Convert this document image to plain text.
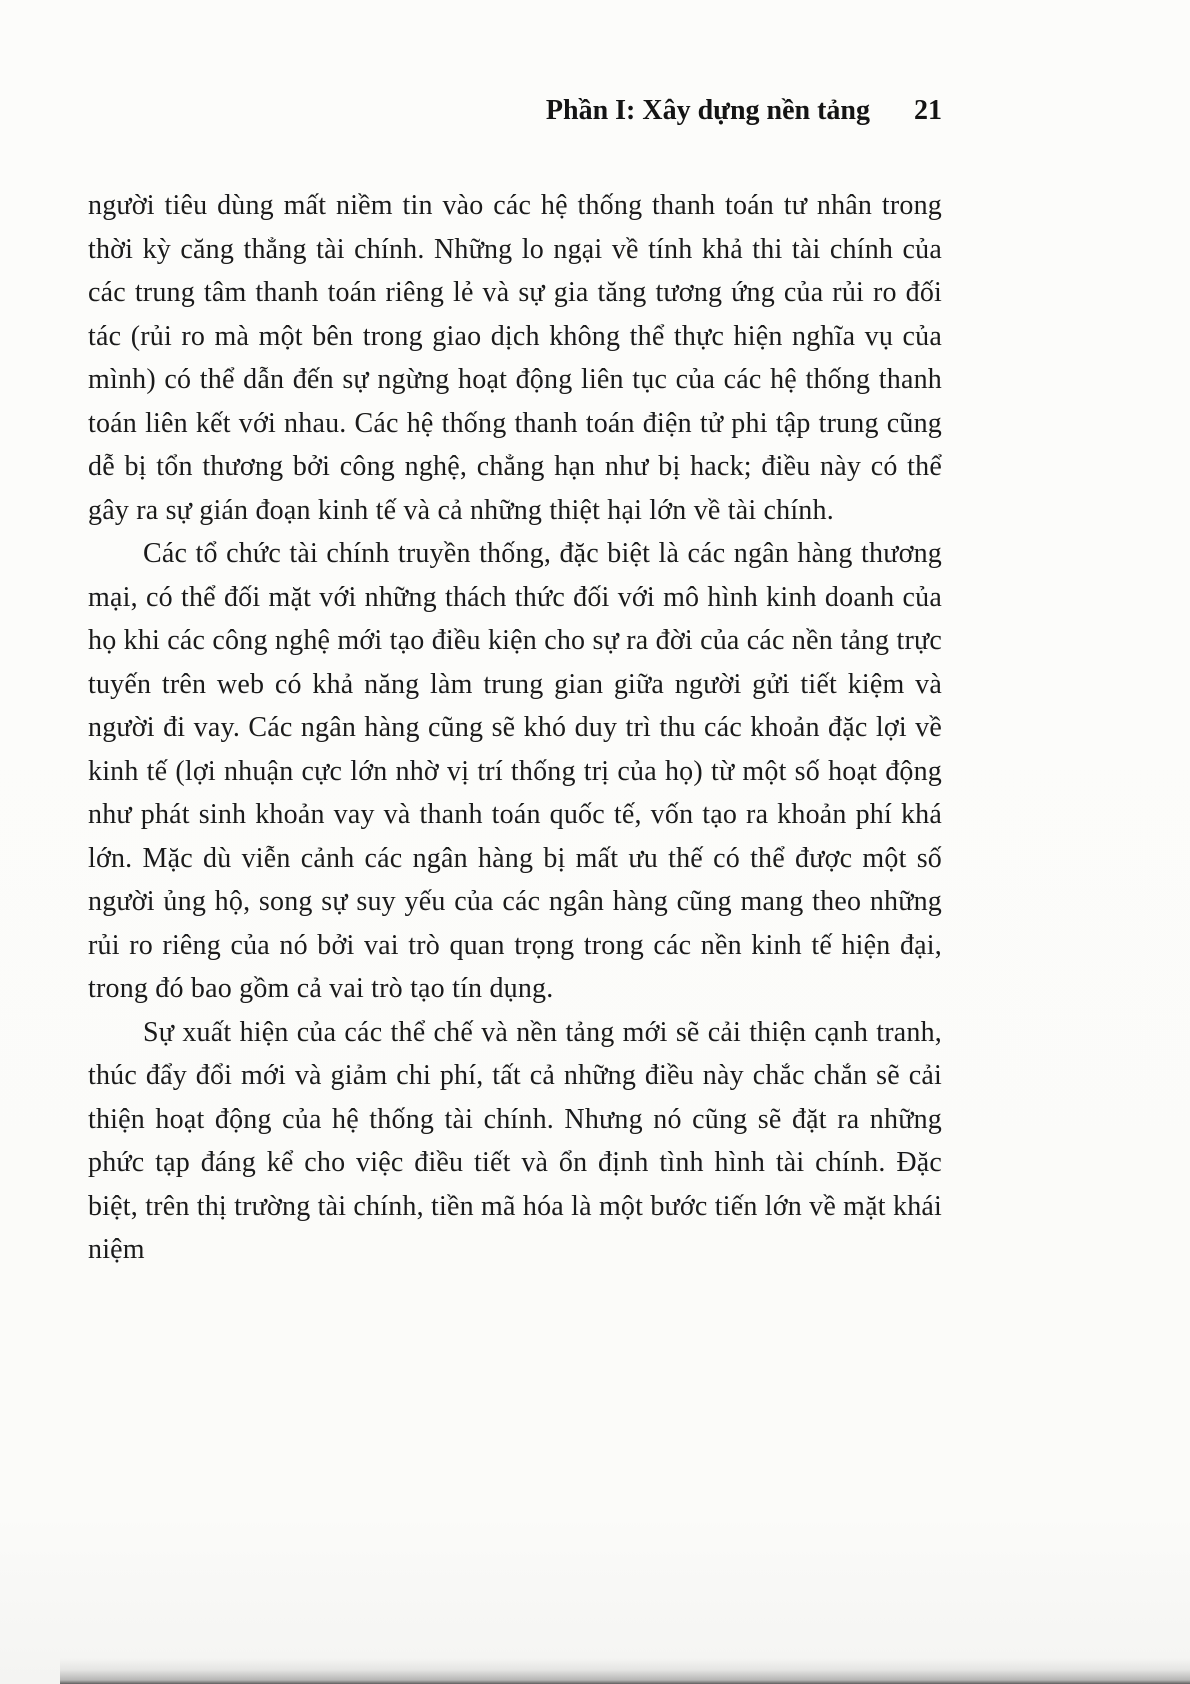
Phần I: Xây dựng nền tảng 21

người tiêu dùng mất niềm tin vào các hệ thống thanh toán tư nhân trong thời kỳ căng thẳng tài chính. Những lo ngại về tính khả thi tài chính của các trung tâm thanh toán riêng lẻ và sự gia tăng tương ứng của rủi ro đối tác (rủi ro mà một bên trong giao dịch không thể thực hiện nghĩa vụ của mình) có thể dẫn đến sự ngừng hoạt động liên tục của các hệ thống thanh toán liên kết với nhau. Các hệ thống thanh toán điện tử phi tập trung cũng dễ bị tổn thương bởi công nghệ, chẳng hạn như bị hack; điều này có thể gây ra sự gián đoạn kinh tế và cả những thiệt hại lớn về tài chính.

Các tổ chức tài chính truyền thống, đặc biệt là các ngân hàng thương mại, có thể đối mặt với những thách thức đối với mô hình kinh doanh của họ khi các công nghệ mới tạo điều kiện cho sự ra đời của các nền tảng trực tuyến trên web có khả năng làm trung gian giữa người gửi tiết kiệm và người đi vay. Các ngân hàng cũng sẽ khó duy trì thu các khoản đặc lợi về kinh tế (lợi nhuận cực lớn nhờ vị trí thống trị của họ) từ một số hoạt động như phát sinh khoản vay và thanh toán quốc tế, vốn tạo ra khoản phí khá lớn. Mặc dù viễn cảnh các ngân hàng bị mất ưu thế có thể được một số người ủng hộ, song sự suy yếu của các ngân hàng cũng mang theo những rủi ro riêng của nó bởi vai trò quan trọng trong các nền kinh tế hiện đại, trong đó bao gồm cả vai trò tạo tín dụng.

Sự xuất hiện của các thể chế và nền tảng mới sẽ cải thiện cạnh tranh, thúc đẩy đổi mới và giảm chi phí, tất cả những điều này chắc chắn sẽ cải thiện hoạt động của hệ thống tài chính. Nhưng nó cũng sẽ đặt ra những phức tạp đáng kể cho việc điều tiết và ổn định tình hình tài chính. Đặc biệt, trên thị trường tài chính, tiền mã hóa là một bước tiến lớn về mặt khái niệm
